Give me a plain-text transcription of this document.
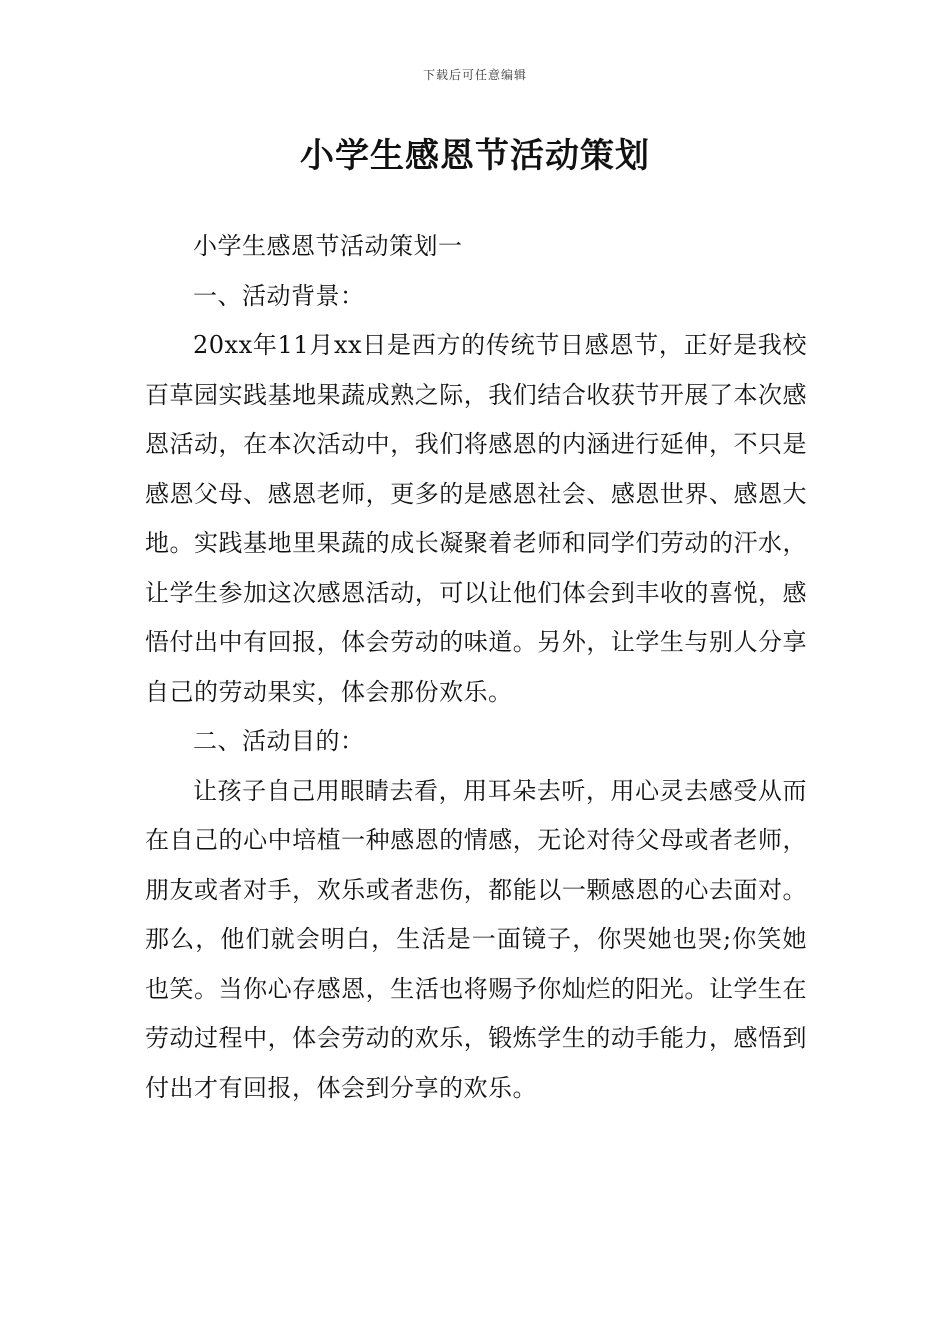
下载后可任意编辑
小学生感恩节活动策划

小学生感恩节活动策划一

一、活动背景：

20xx年11月xx日是西方的传统节日感恩节，正好是我校百草园实践基地果蔬成熟之际，我们结合收获节开展了本次感恩活动，在本次活动中，我们将感恩的内涵进行延伸，不只是感恩父母、感恩老师，更多的是感恩社会、感恩世界、感恩大地。实践基地里果蔬的成长凝聚着老师和同学们劳动的汗水，让学生参加这次感恩活动，可以让他们体会到丰收的喜悦，感悟付出中有回报，体会劳动的味道。另外，让学生与别人分享自己的劳动果实，体会那份欢乐。

二、活动目的：

让孩子自己用眼睛去看，用耳朵去听，用心灵去感受从而在自己的心中培植一种感恩的情感，无论对待父母或者老师，朋友或者对手，欢乐或者悲伤，都能以一颗感恩的心去面对。那么，他们就会明白，生活是一面镜子，你哭她也哭;你笑她也笑。当你心存感恩，生活也将赐予你灿烂的阳光。让学生在劳动过程中，体会劳动的欢乐，锻炼学生的动手能力，感悟到付出才有回报，体会到分享的欢乐。
